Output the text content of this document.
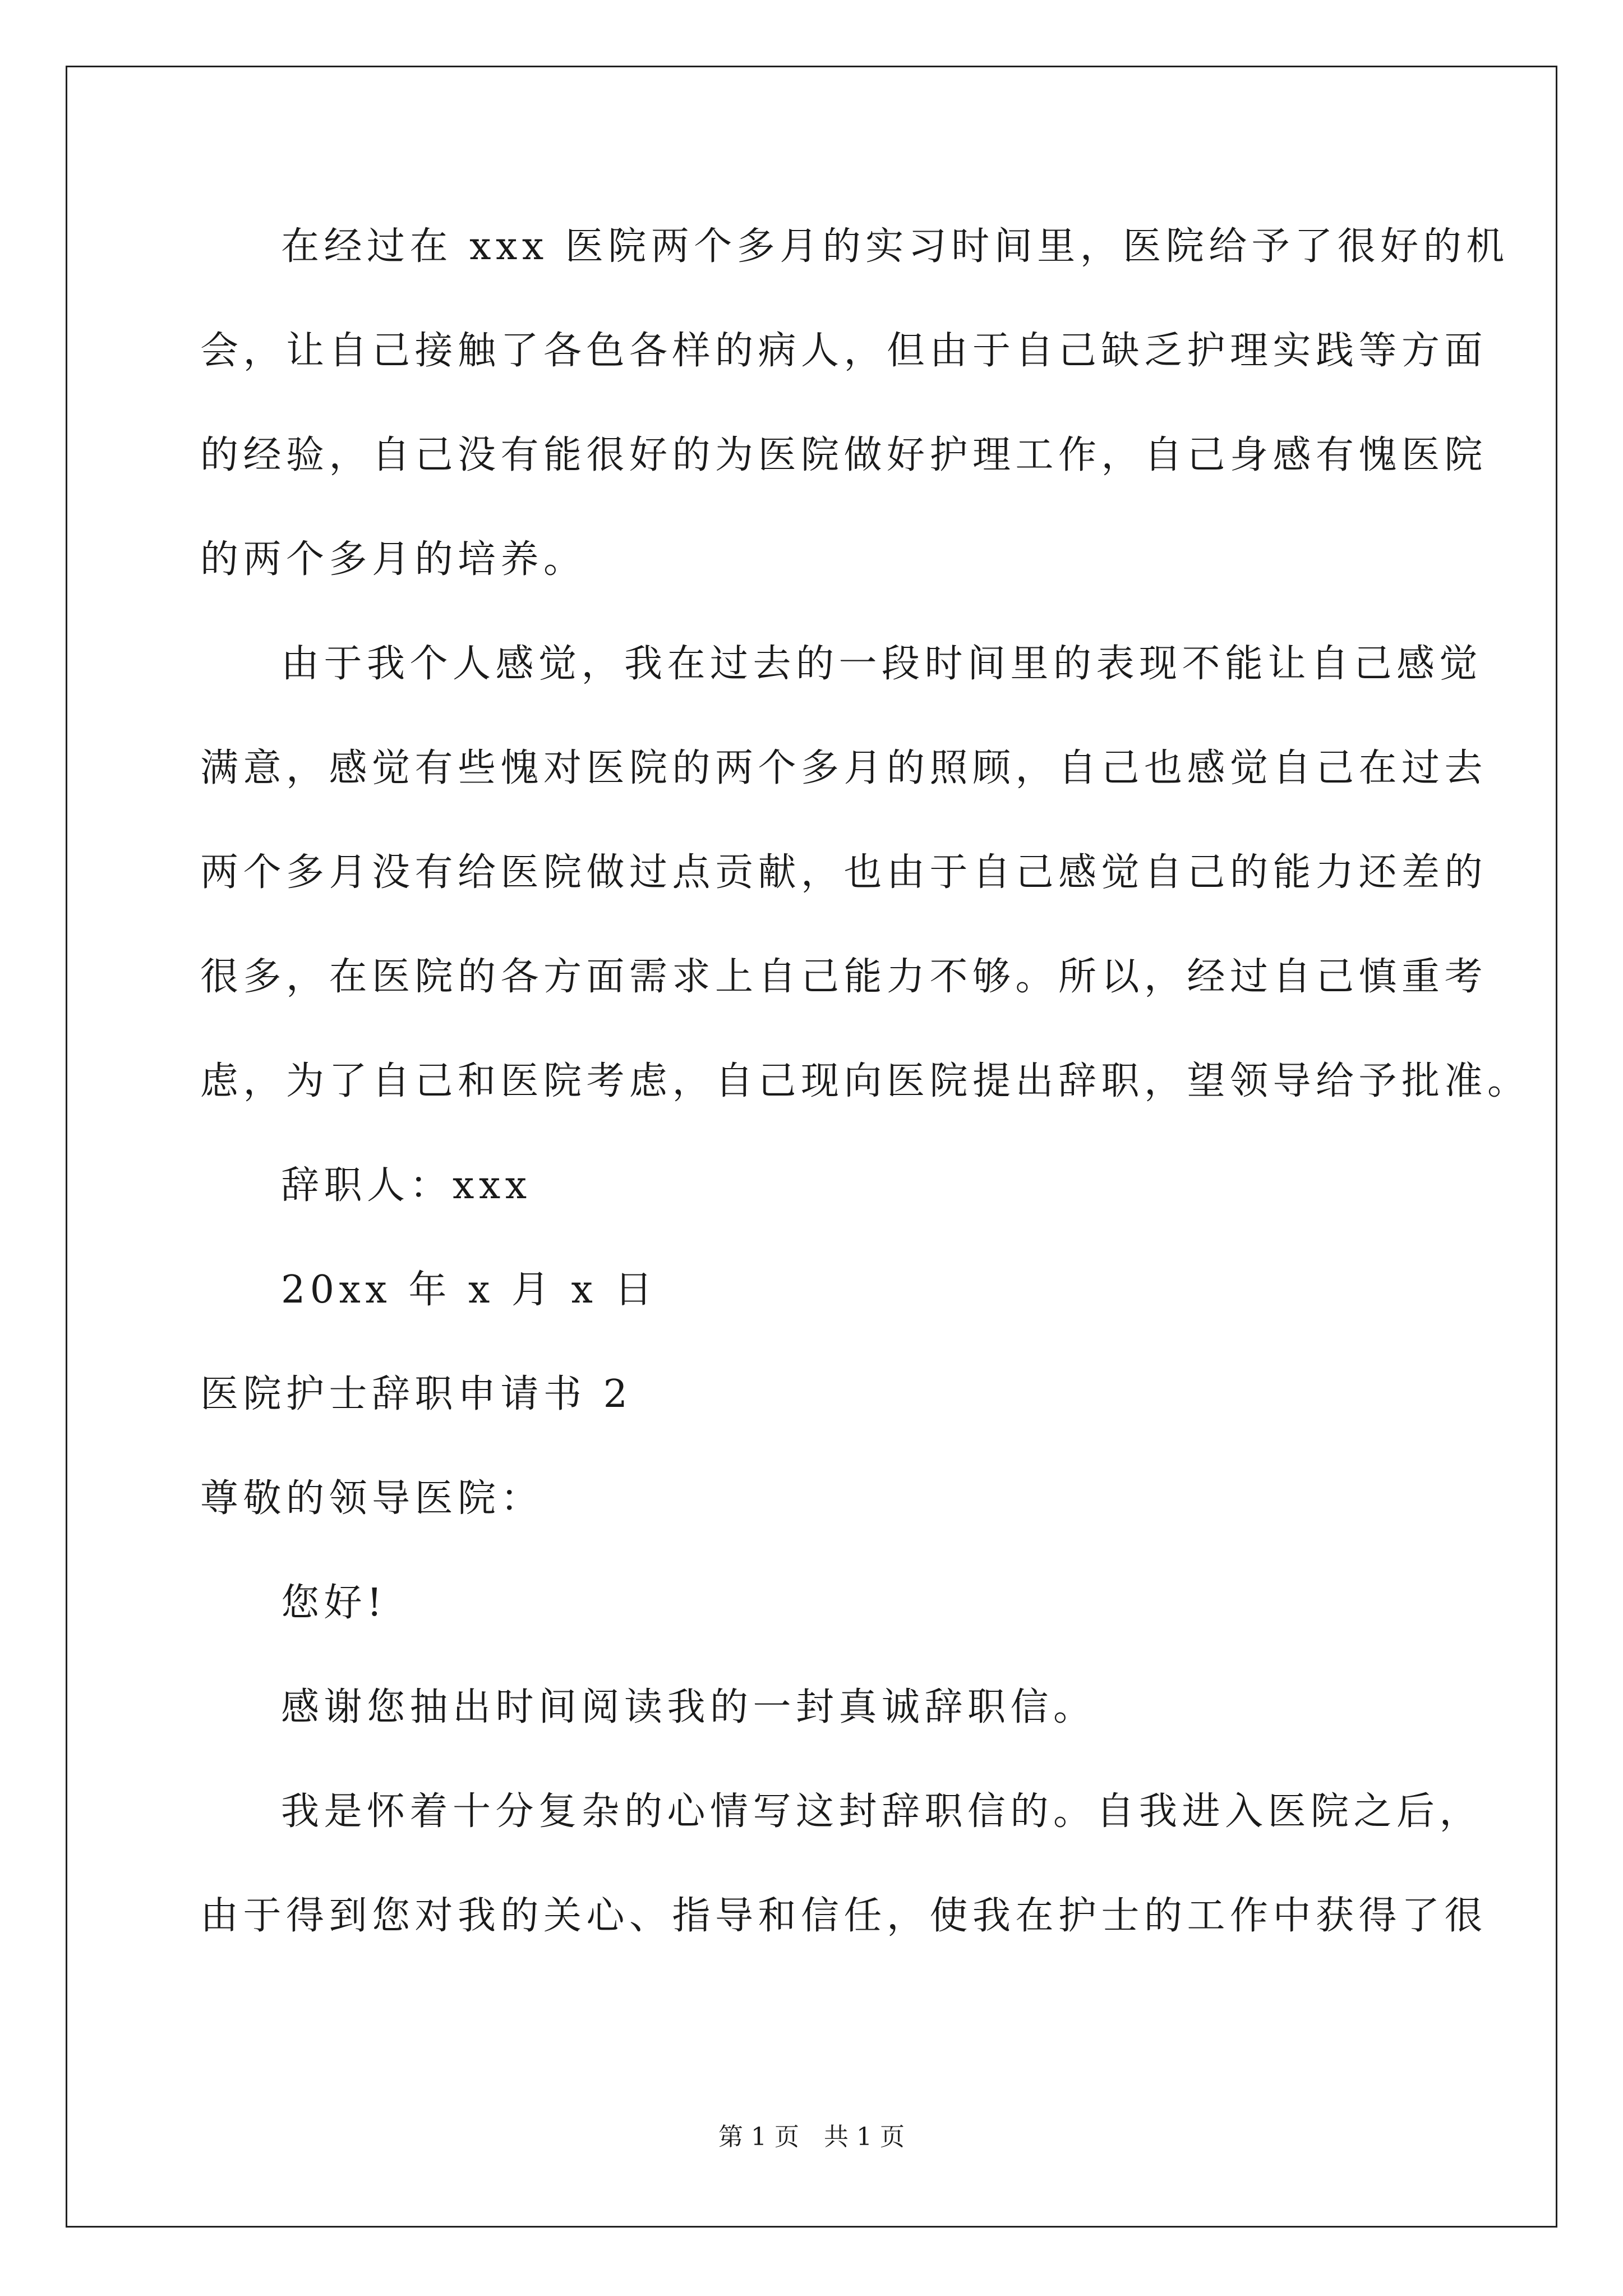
在经过在 xxx 医院两个多月的实习时间里，医院给予了很好的机
会，让自己接触了各色各样的病人，但由于自己缺乏护理实践等方面
的经验，自己没有能很好的为医院做好护理工作，自己身感有愧医院
的两个多月的培养。
由于我个人感觉，我在过去的一段时间里的表现不能让自己感觉
满意，感觉有些愧对医院的两个多月的照顾，自己也感觉自己在过去
两个多月没有给医院做过点贡献，也由于自己感觉自己的能力还差的
很多，在医院的各方面需求上自己能力不够。所以，经过自己慎重考
虑，为了自己和医院考虑，自己现向医院提出辞职，望领导给予批准。
辞职人：xxx
20xx 年 x 月 x 日
医院护士辞职申请书 2
尊敬的领导医院：
您好!
感谢您抽出时间阅读我的一封真诚辞职信。
我是怀着十分复杂的心情写这封辞职信的。自我进入医院之后，
由于得到您对我的关心、指导和信任，使我在护士的工作中获得了很
第 1 页　共 1 页
